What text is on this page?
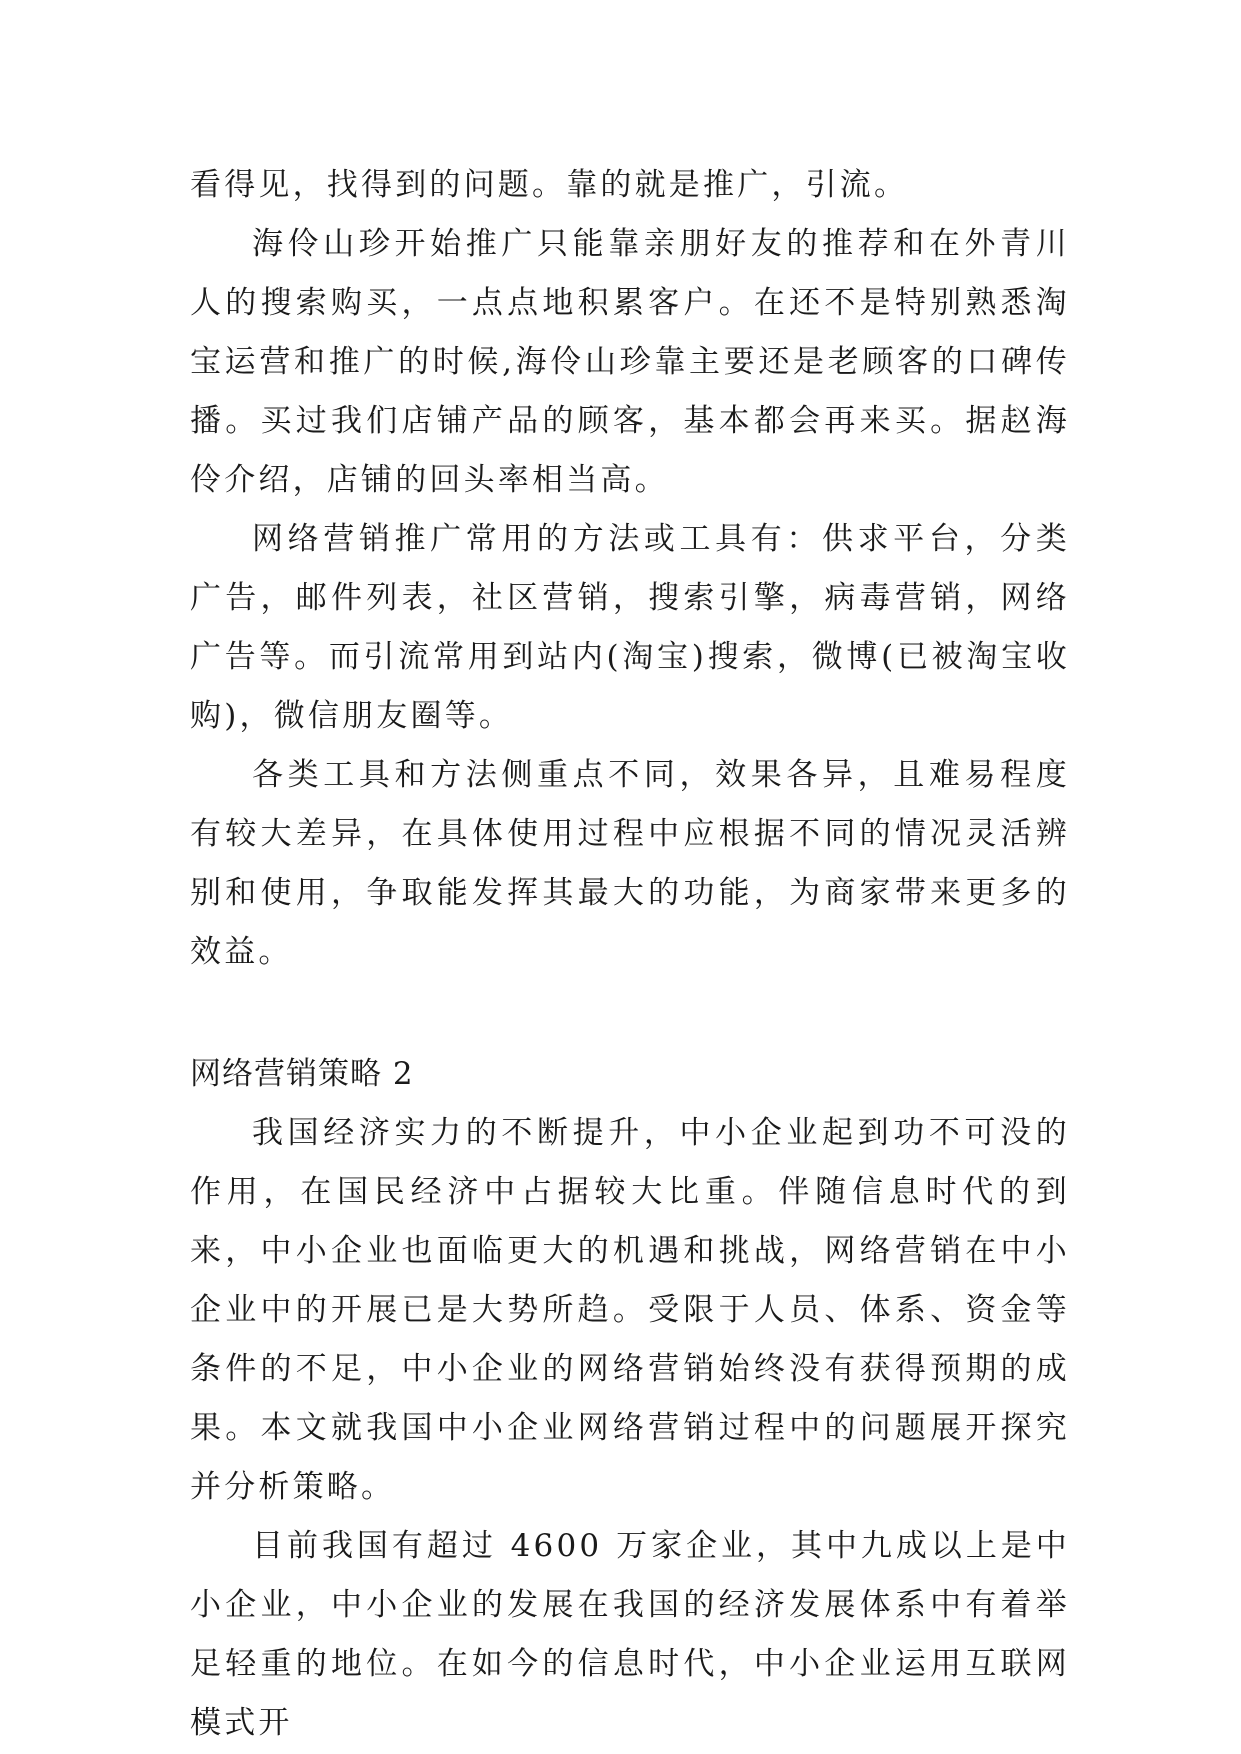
看得见，找得到的问题。靠的就是推广，引流。

海伶山珍开始推广只能靠亲朋好友的推荐和在外青川人的搜索购买，一点点地积累客户。在还不是特别熟悉淘宝运营和推广的时候,海伶山珍靠主要还是老顾客的口碑传播。买过我们店铺产品的顾客，基本都会再来买。据赵海伶介绍，店铺的回头率相当高。

网络营销推广常用的方法或工具有：供求平台，分类广告，邮件列表，社区营销，搜索引擎，病毒营销，网络广告等。而引流常用到站内(淘宝)搜索，微博(已被淘宝收购)，微信朋友圈等。

各类工具和方法侧重点不同，效果各异，且难易程度有较大差异，在具体使用过程中应根据不同的情况灵活辨别和使用，争取能发挥其最大的功能，为商家带来更多的效益。

网络营销策略 2

我国经济实力的不断提升，中小企业起到功不可没的作用，在国民经济中占据较大比重。伴随信息时代的到来，中小企业也面临更大的机遇和挑战，网络营销在中小企业中的开展已是大势所趋。受限于人员、体系、资金等条件的不足，中小企业的网络营销始终没有获得预期的成果。本文就我国中小企业网络营销过程中的问题展开探究并分析策略。

目前我国有超过 4600 万家企业，其中九成以上是中小企业，中小企业的发展在我国的经济发展体系中有着举足轻重的地位。在如今的信息时代，中小企业运用互联网模式开
